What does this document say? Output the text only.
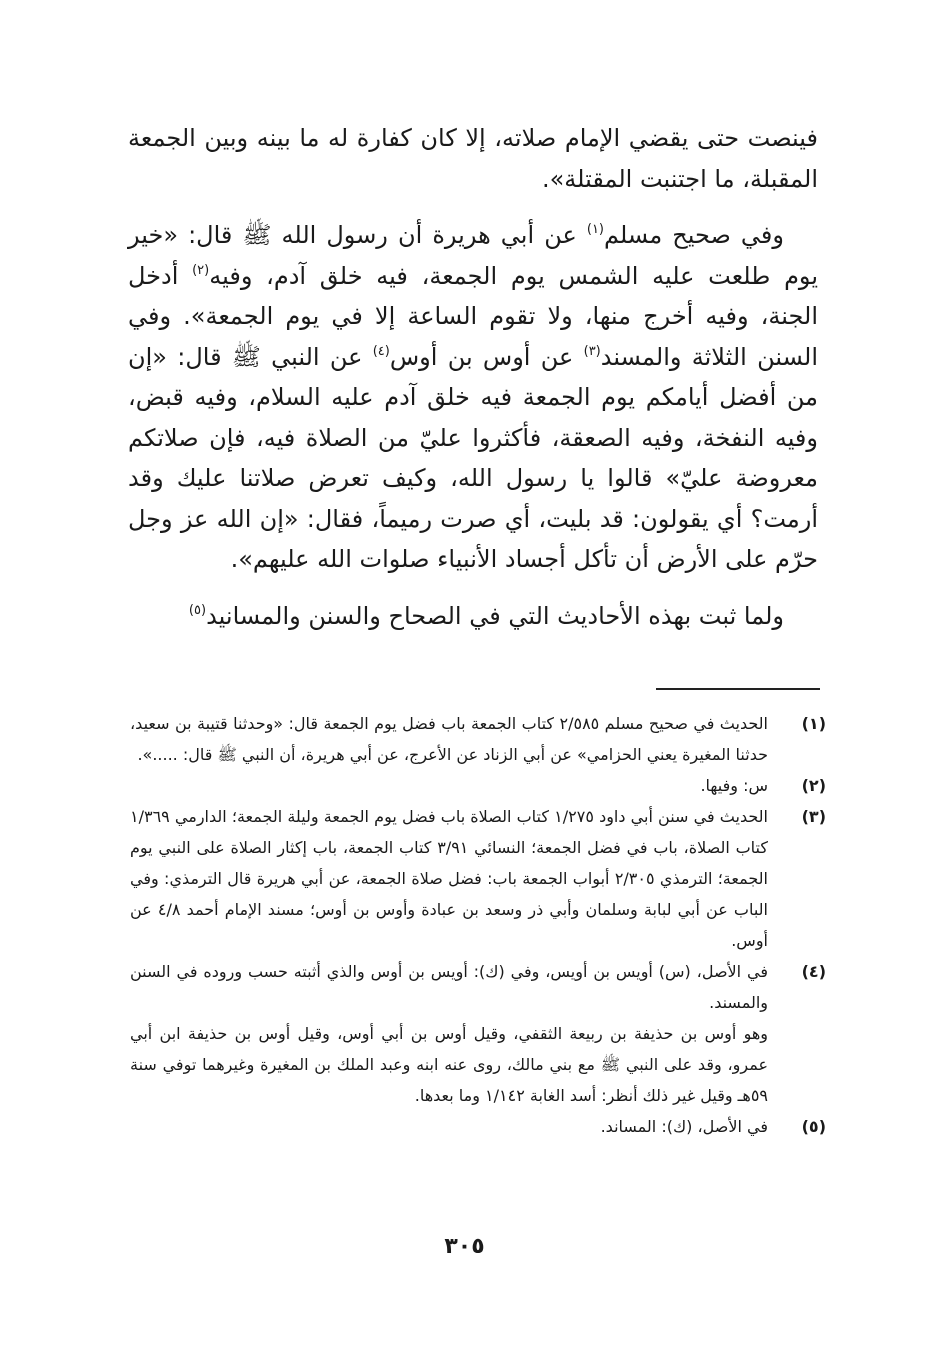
فينصت حتى يقضي الإمام صلاته، إلا كان كفارة له ما بينه وبين الجمعة المقبلة، ما اجتنبت المقتلة».

وفي صحيح مسلم$^{(١)}$ عن أبي هريرة أن رسول الله ﷺ قال: «خير يوم طلعت عليه الشمس يوم الجمعة، فيه خلق آدم، وفيه$^{(٢)}$ أدخل الجنة، وفيه أخرج منها، ولا تقوم الساعة إلا في يوم الجمعة». وفي السنن الثلاثة والمسند$^{(٣)}$ عن أوس بن أوس$^{(٤)}$ عن النبي ﷺ قال: «إن من أفضل أيامكم يوم الجمعة فيه خلق آدم عليه السلام، وفيه قبض، وفيه النفخة، وفيه الصعقة، فأكثروا عليّ من الصلاة فيه، فإن صلاتكم معروضة عليّ» قالوا يا رسول الله، وكيف تعرض صلاتنا عليك وقد أرمت؟ أي يقولون: قد بليت، أي صرت رميماً، فقال: «إن الله عز وجل حرّم على الأرض أن تأكل أجساد الأنبياء صلوات الله عليهم».

ولما ثبت بهذه الأحاديث التي في الصحاح والسنن والمسانيد$^{(٥)}$

(١)

الحديث في صحيح مسلم ٢/٥٨٥ كتاب الجمعة باب فضل يوم الجمعة قال: «وحدثنا قتيبة بن سعيد، حدثنا المغيرة يعني الحزامي» عن أبي الزناد عن الأعرج، عن أبي هريرة، أن النبي ﷺ قال: .....».

(٢)

س: وفيها.

(٣)

الحديث في سنن أبي داود ١/٢٧٥ كتاب الصلاة باب فضل يوم الجمعة وليلة الجمعة؛ الدارمي ١/٣٦٩ كتاب الصلاة، باب في فضل الجمعة؛ النسائي ٣/٩١ كتاب الجمعة، باب إكثار الصلاة على النبي يوم الجمعة؛ الترمذي ٢/٣٠٥ أبواب الجمعة باب: فضل صلاة الجمعة، عن أبي هريرة قال الترمذي: وفي الباب عن أبي لبابة وسلمان وأبي ذر وسعد بن عبادة وأوس بن أوس؛ مسند الإمام أحمد ٤/٨ عن أوس.

(٤)

في الأصل، (س) أويس بن أويس، وفي (ك): أويس بن أوس والذي أثبته حسب وروده في السنن والمسند.

وهو أوس بن حذيفة بن ربيعة الثقفي، وقيل أوس بن أبي أوس، وقيل أوس بن حذيفة ابن أبي عمرو، وقد على النبي ﷺ مع بني مالك، روى عنه ابنه وعبد الملك بن المغيرة وغيرهما توفي سنة ٥٩هـ وقيل غير ذلك أنظر: أسد الغابة ١/١٤٢ وما بعدها.

(٥)

في الأصل، (ك): المساند.

٣٠٥
